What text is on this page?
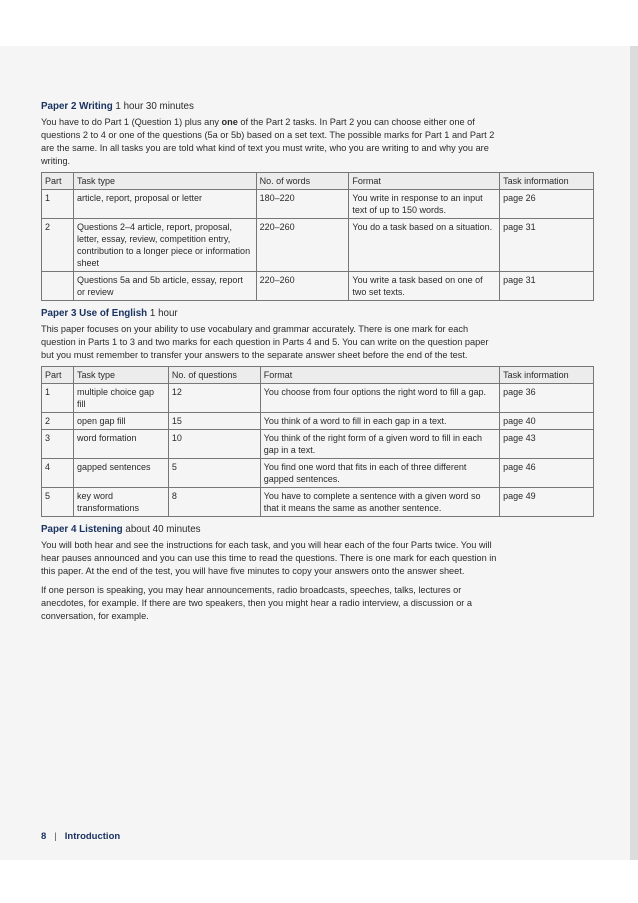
Paper 2 Writing 1 hour 30 minutes
You have to do Part 1 (Question 1) plus any one of the Part 2 tasks. In Part 2 you can choose either one of questions 2 to 4 or one of the questions (5a or 5b) based on a set text. The possible marks for Part 1 and Part 2 are the same. In all tasks you are told what kind of text you must write, who you are writing to and why you are writing.
Part	Task type	No. of words	Format	Task information
1	article, report, proposal or letter	180–220	You write in response to an input text of up to 150 words.	page 26
2	Questions 2–4 article, report, proposal, letter, essay, review, competition entry, contribution to a longer piece or information sheet	220–260	You do a task based on a situation.	page 31
	Questions 5a and 5b article, essay, report or review	220–260	You write a task based on one of two set texts.	page 31
Paper 3 Use of English 1 hour
This paper focuses on your ability to use vocabulary and grammar accurately. There is one mark for each question in Parts 1 to 3 and two marks for each question in Parts 4 and 5. You can write on the question paper but you must remember to transfer your answers to the separate answer sheet before the end of the test.
Part	Task type	No. of questions	Format	Task information
1	multiple choice gap fill	12	You choose from four options the right word to fill a gap.	page 36
2	open gap fill	15	You think of a word to fill in each gap in a text.	page 40
3	word formation	10	You think of the right form of a given word to fill in each gap in a text.	page 43
4	gapped sentences	5	You find one word that fits in each of three different gapped sentences.	page 46
5	key word transformations	8	You have to complete a sentence with a given word so that it means the same as another sentence.	page 49
Paper 4 Listening about 40 minutes
You will both hear and see the instructions for each task, and you will hear each of the four Parts twice. You will hear pauses announced and you can use this time to read the questions. There is one mark for each question in this paper. At the end of the test, you will have five minutes to copy your answers onto the answer sheet.
If one person is speaking, you may hear announcements, radio broadcasts, speeches, talks, lectures or anecdotes, for example. If there are two speakers, then you might hear a radio interview, a discussion or a conversation, for example.
8 | Introduction
